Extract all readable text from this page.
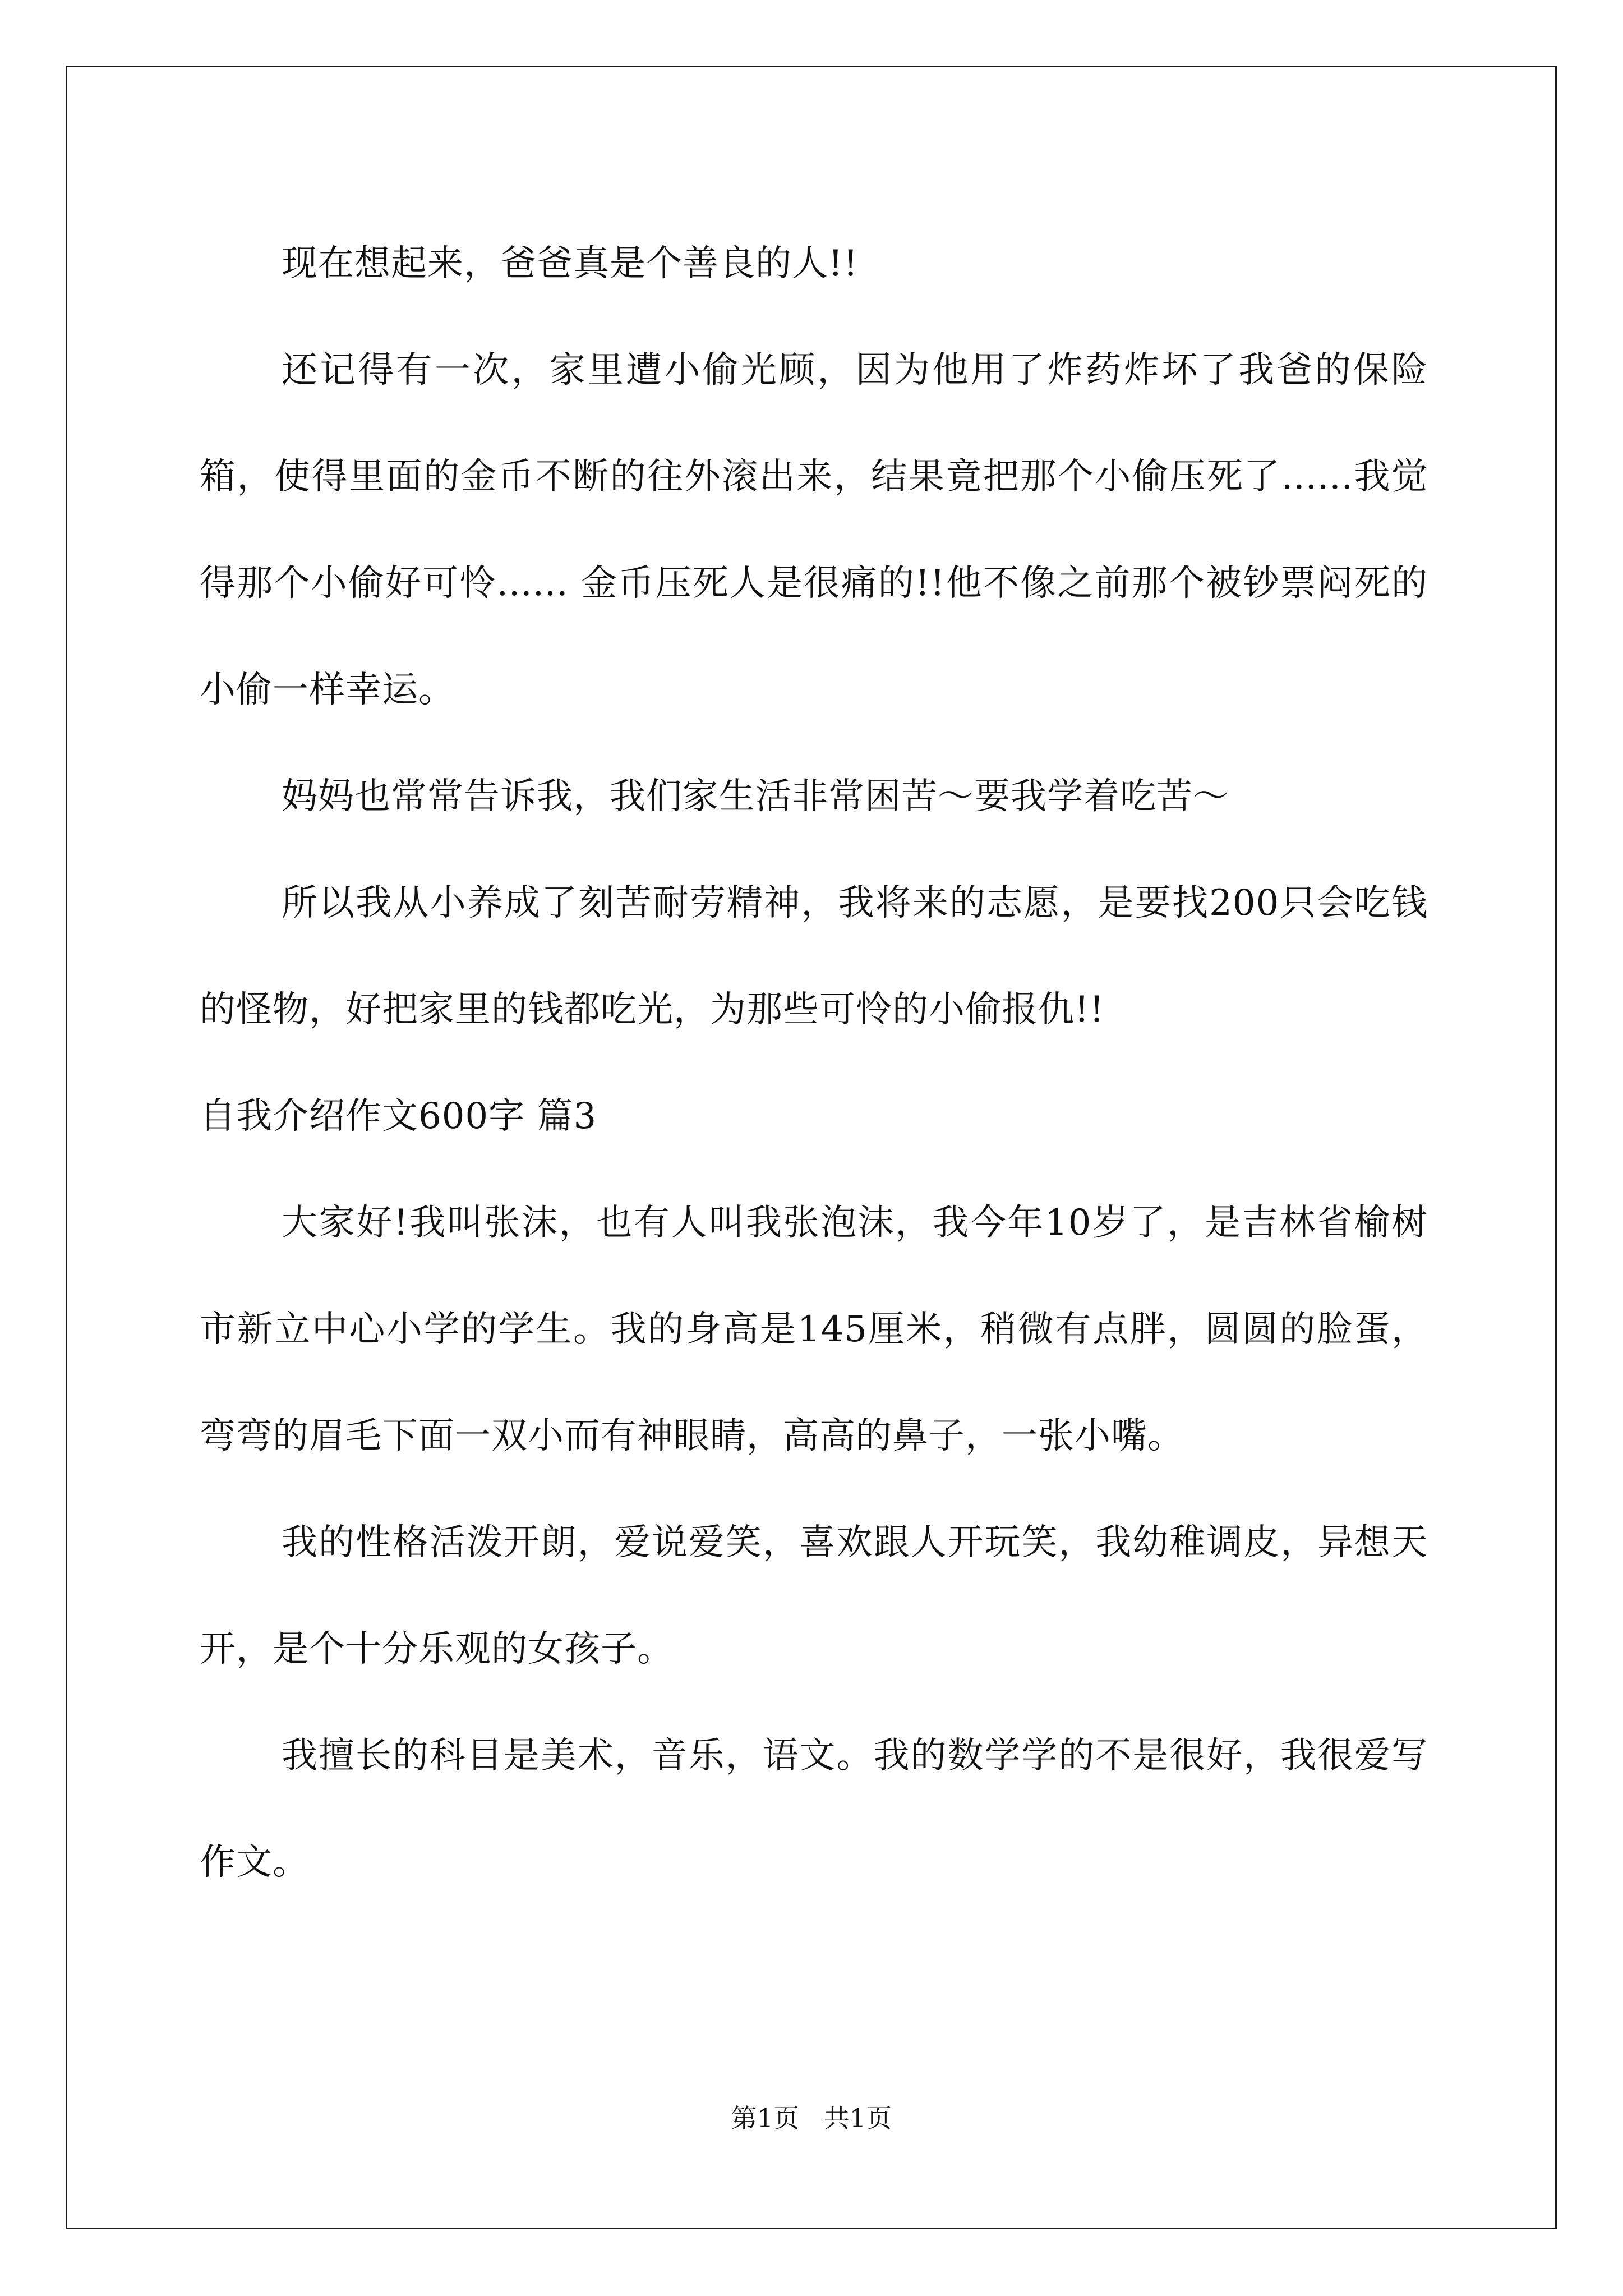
现在想起来，爸爸真是个善良的人!!

还记得有一次，家里遭小偷光顾，因为他用了炸药炸坏了我爸的保险箱，使得里面的金币不断的往外滚出来，结果竟把那个小偷压死了......我觉得那个小偷好可怜...... 金币压死人是很痛的!!他不像之前那个被钞票闷死的小偷一样幸运。

妈妈也常常告诉我，我们家生活非常困苦～要我学着吃苦～

所以我从小养成了刻苦耐劳精神，我将来的志愿，是要找200只会吃钱的怪物，好把家里的钱都吃光，为那些可怜的小偷报仇!!

自我介绍作文600字 篇3

大家好!我叫张沫，也有人叫我张泡沫，我今年10岁了，是吉林省榆树市新立中心小学的学生。我的身高是145厘米，稍微有点胖，圆圆的脸蛋，弯弯的眉毛下面一双小而有神眼睛，高高的鼻子，一张小嘴。

我的性格活泼开朗，爱说爱笑，喜欢跟人开玩笑，我幼稚调皮，异想天开，是个十分乐观的女孩子。

我擅长的科目是美术，音乐，语文。我的数学学的不是很好，我很爱写作文。

第1页   共1页
